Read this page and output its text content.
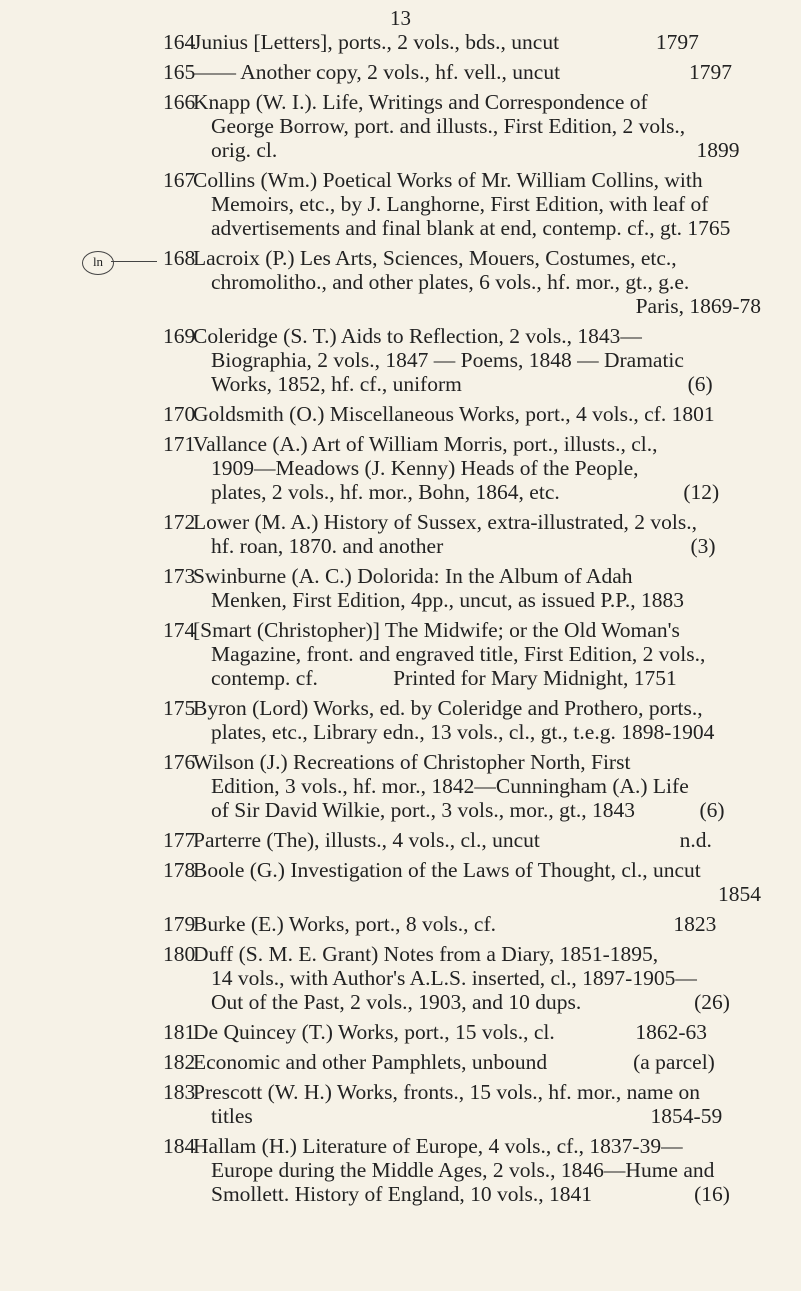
13
164
Junius [Letters], ports., 2 vols., bds., uncut                  1797
165
—— Another copy, 2 vols., hf. vell., uncut                        1797
166
Knapp (W. I.). Life, Writings and Correspondence of
George Borrow, port. and illusts., First Edition, 2 vols.,
orig. cl.                                                                              1899
167
Collins (Wm.) Poetical Works of Mr. William Collins, with
Memoirs, etc., by J. Langhorne, First Edition, with leaf of
advertisements and final blank at end, contemp. cf., gt. 1765
168
ln	Lacroix (P.) Les Arts, Sciences, Mouers, Costumes, etc.,
chromolitho., and other plates, 6 vols., hf. mor., gt., g.e.
Paris, 1869-78
169
Coleridge (S. T.) Aids to Reflection, 2 vols., 1843—
Biographia, 2 vols., 1847 — Poems, 1848 — Dramatic
Works, 1852, hf. cf., uniform                                          (6)
170
Goldsmith (O.) Miscellaneous Works, port., 4 vols., cf. 1801
171
Vallance (A.) Art of William Morris, port., illusts., cl.,
1909—Meadows (J. Kenny) Heads of the People,
plates, 2 vols., hf. mor., Bohn, 1864, etc.                       (12)
172
Lower (M. A.) History of Sussex, extra-illustrated, 2 vols.,
hf. roan, 1870. and another                                              (3)
173
Swinburne (A. C.) Dolorida: In the Album of Adah
Menken, First Edition, 4pp., uncut, as issued P.P., 1883
174
[Smart (Christopher)] The Midwife; or the Old Woman's
Magazine, front. and engraved title, First Edition, 2 vols.,
contemp. cf.              Printed for Mary Midnight, 1751
175
Byron (Lord) Works, ed. by Coleridge and Prothero, ports.,
plates, etc., Library edn., 13 vols., cl., gt., t.e.g. 1898-1904
176
Wilson (J.) Recreations of Christopher North, First
Edition, 3 vols., hf. mor., 1842—Cunningham (A.) Life
of Sir David Wilkie, port., 3 vols., mor., gt., 1843            (6)
177
Parterre (The), illusts., 4 vols., cl., uncut                          n.d.
178
Boole (G.) Investigation of the Laws of Thought, cl., uncut
1854
179
Burke (E.) Works, port., 8 vols., cf.                                 1823
180
Duff (S. M. E. Grant) Notes from a Diary, 1851-1895,
14 vols., with Author's A.L.S. inserted, cl., 1897-1905—
Out of the Past, 2 vols., 1903, and 10 dups.                     (26)
181
De Quincey (T.) Works, port., 15 vols., cl.               1862-63
182
Economic and other Pamphlets, unbound                (a parcel)
183
Prescott (W. H.) Works, fronts., 15 vols., hf. mor., name on
titles                                                                          1854-59
184
Hallam (H.) Literature of Europe, 4 vols., cf., 1837-39—
Europe during the Middle Ages, 2 vols., 1846—Hume and
Smollett. History of England, 10 vols., 1841                   (16)
